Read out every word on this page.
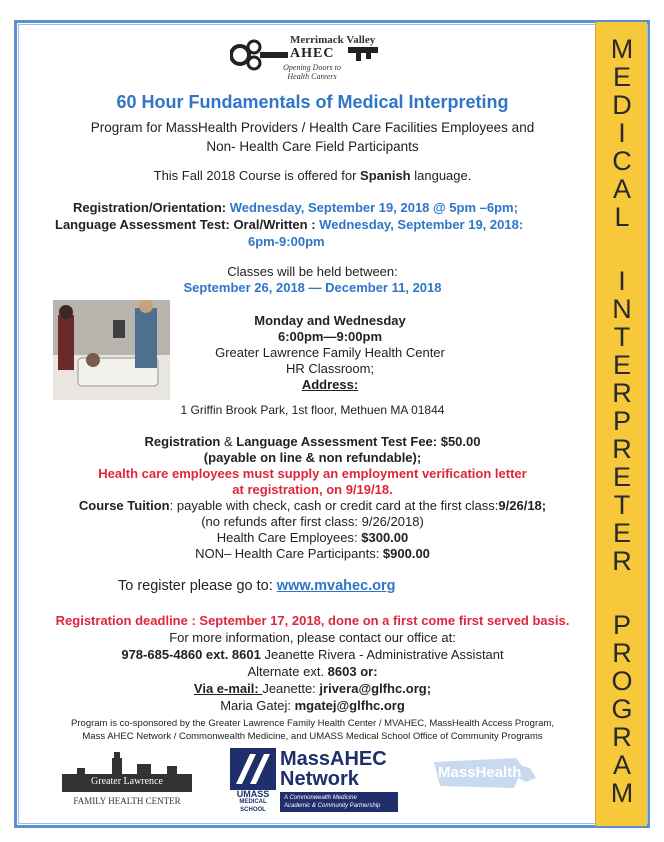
M
E
D
I
C
A
L
I
N
T
E
R
P
R
E
T
E
R
P
R
O
G
R
A
M
Merrimack Valley
AHEC
Opening Doors to Health Careers
60 Hour Fundamentals of Medical Interpreting
Program for MassHealth Providers / Health Care Facilities Employees and
Non- Health Care Field Participants
This Fall 2018 Course is offered for Spanish language.
Registration/Orientation: Wednesday, September 19, 2018 @ 5pm –6pm;
Language Assessment Test: Oral/Written : Wednesday, September 19, 2018:
6pm-9:00pm
Classes will be held between:
September 26, 2018 — December 11, 2018
Monday and Wednesday
6:00pm—9:00pm
Greater Lawrence Family Health Center
HR Classroom;
Address:
1 Griffin Brook Park, 1st floor, Methuen MA 01844
Registration & Language Assessment Test Fee: $50.00
(payable on line & non refundable);
Health care employees must supply an employment verification letter
at registration, on 9/19/18.
Course Tuition: payable with check, cash or credit card at the first class:9/26/18;
(no refunds after first class: 9/26/2018)
Health Care Employees: $300.00
NON– Health Care Participants: $900.00
To register please go to: www.mvahec.org
Registration deadline : September 17, 2018, done on a first come first served basis.
For more information, please contact our office at:
978-685-4860 ext. 8601 Jeanette Rivera - Administrative Assistant
Alternate ext. 8603 or:
Via e-mail: Jeanette: jrivera@glfhc.org;
Maria Gatej: mgatej@glfhc.org
Program is co-sponsored by the Greater Lawrence Family Health Center / MVAHEC, MassHealth Access Program,
Mass AHEC Network / Commonwealth Medicine, and UMASS Medical School Office of Community Programs
Greater Lawrence
FAMILY HEALTH CENTER
MassAHEC
Network
UMASS
MEDICAL
SCHOOL
A Commonwealth Medicine
Academic & Community Partnership
MassHealth
